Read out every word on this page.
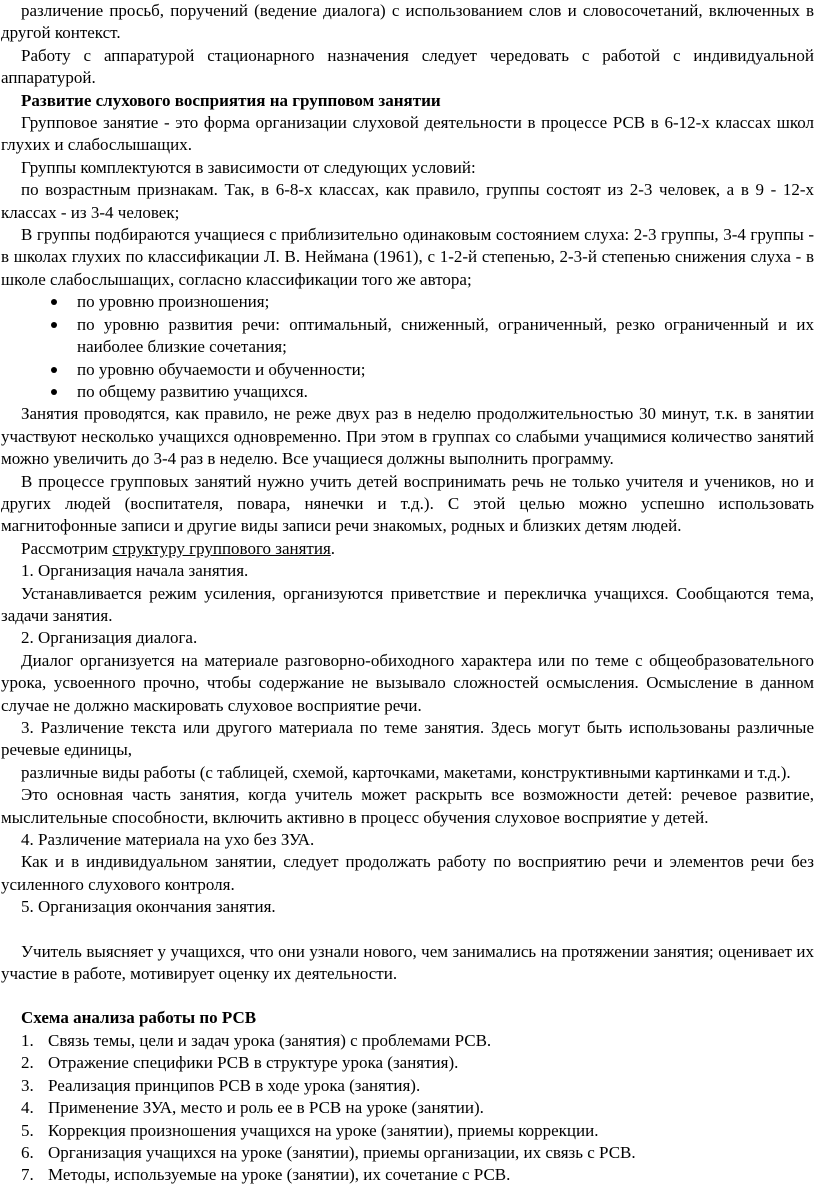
различение просьб, поручений (ведение диалога) с использованием слов и словосочетаний, включенных в другой контекст.

Работу с аппаратурой стационарного назначения следует чередовать с работой с индивидуальной аппаратурой.

Развитие слухового восприятия на групповом занятии

Групповое занятие - это форма организации слуховой деятельности в процессе РСВ в 6-12-х классах школ глухих и слабослышащих.

Группы комплектуются в зависимости от следующих условий:

по возрастным признакам. Так, в 6-8-х классах, как правило, группы состоят из 2-3 человек, а в 9 - 12-х классах - из 3-4 человек;

В группы подбираются учащиеся с приблизительно одинаковым состоянием слуха: 2-3 группы, 3-4 группы - в школах глухих по классификации Л. В. Неймана (1961), с 1-2-й степенью, 2-3-й степенью снижения слуха - в школе слабослышащих, согласно классификации того же автора;

по уровню произношения;
по уровню развития речи: оптимальный, сниженный, ограниченный, резко ограниченный и их наиболее близкие сочетания;
по уровню обучаемости и обученности;
по общему развитию учащихся.

Занятия проводятся, как правило, не реже двух раз в неделю продолжительностью 30 минут, т.к. в занятии участвуют несколько учащихся одновременно. При этом в группах со слабыми учащимися количество занятий можно увеличить до 3-4 раз в неделю. Все учащиеся должны выполнить программу.

В процессе групповых занятий нужно учить детей воспринимать речь не только учителя и учеников, но и других людей (воспитателя, повара, нянечки и т.д.). С этой целью можно успешно использовать магнитофонные записи и другие виды записи речи знакомых, родных и близких детям людей.

Рассмотрим структуру группового занятия.

1. Организация начала занятия.

Устанавливается режим усиления, организуются приветствие и перекличка учащихся. Сообщаются тема, задачи занятия.

2. Организация диалога.

Диалог организуется на материале разговорно-обиходного характера или по теме с общеобразовательного урока, усвоенного прочно, чтобы содержание не вызывало сложностей осмысления. Осмысление в данном случае не должно маскировать слуховое восприятие речи.

3. Различение текста или другого материала по теме занятия. Здесь могут быть использованы различные речевые единицы,

различные виды работы (с таблицей, схемой, карточками, макетами, конструктивными картинками и т.д.).

Это основная часть занятия, когда учитель может раскрыть все возможности детей: речевое развитие, мыслительные способности, включить активно в процесс обучения слуховое восприятие у детей.

4. Различение материала на ухо без ЗУА.

Как и в индивидуальном занятии, следует продолжать работу по восприятию речи и элементов речи без усиленного слухового контроля.

5. Организация окончания занятия.

Учитель выясняет у учащихся, что они узнали нового, чем занимались на протяжении занятия; оценивает их участие в работе, мотивирует оценку их деятельности.

Схема анализа работы по РСВ

1. Связь темы, цели и задач урока (занятия) с проблемами РСВ.
2. Отражение специфики РСВ в структуре урока (занятия).
3. Реализация принципов РСВ в ходе урока (занятия).
4. Применение ЗУА, место и роль ее в РСВ на уроке (занятии).
5. Коррекция произношения учащихся на уроке (занятии), приемы коррекции.
6. Организация учащихся на уроке (занятии), приемы организации, их связь с РСВ.
7. Методы, используемые на уроке (занятии), их сочетание с РСВ.
